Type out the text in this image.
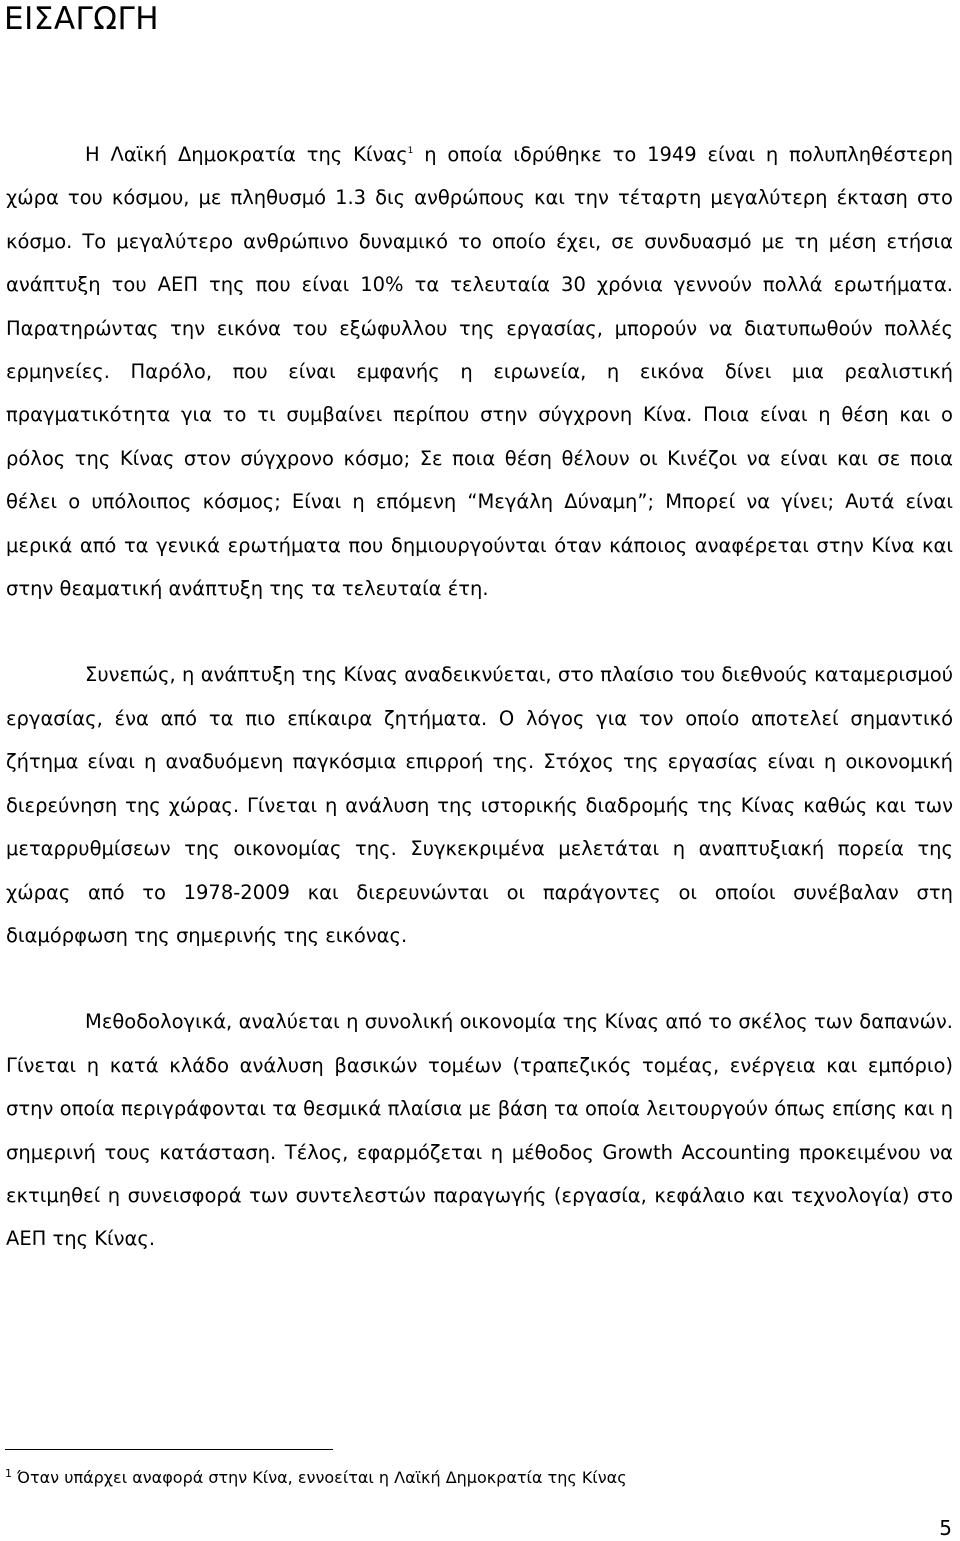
ΕΙΣΑΓΩΓΗ

Η Λαϊκή Δημοκρατία της Κίνας$^1$ η οποία ιδρύθηκε το 1949 είναι η πολυπληθέστερη χώρα του κόσμου, με πληθυσμό 1.3 δις ανθρώπους και την τέταρτη μεγαλύτερη έκταση στο κόσμο. Το μεγαλύτερο ανθρώπινο δυναμικό το οποίο έχει, σε συνδυασμό με τη μέση ετήσια ανάπτυξη του ΑΕΠ της που είναι 10% τα τελευταία 30 χρόνια γεννούν πολλά ερωτήματα. Παρατηρώντας την εικόνα του εξώφυλλου της εργασίας, μπορούν να διατυπωθούν πολλές ερμηνείες. Παρόλο, που είναι εμφανής η ειρωνεία, η εικόνα δίνει μια ρεαλιστική πραγματικότητα για το τι συμβαίνει περίπου στην σύγχρονη Κίνα. Ποια είναι η θέση και ο ρόλος της Κίνας στον σύγχρονο κόσμο; Σε ποια θέση θέλουν οι Κινέζοι να είναι και σε ποια θέλει ο υπόλοιπος κόσμος; Είναι η επόμενη “Μεγάλη Δύναμη”; Μπορεί να γίνει; Αυτά είναι μερικά από τα γενικά ερωτήματα που δημιουργούνται όταν κάποιος αναφέρεται στην Κίνα και στην θεαματική ανάπτυξη της τα τελευταία έτη.

Συνεπώς, η ανάπτυξη της Κίνας αναδεικνύεται, στο πλαίσιο του διεθνούς καταμερισμού εργασίας, ένα από τα πιο επίκαιρα ζητήματα. Ο λόγος για τον οποίο αποτελεί σημαντικό ζήτημα είναι η αναδυόμενη παγκόσμια επιρροή της. Στόχος της εργασίας είναι η οικονομική διερεύνηση της χώρας. Γίνεται η ανάλυση της ιστορικής διαδρομής της Κίνας καθώς και των μεταρρυθμίσεων της οικονομίας της. Συγκεκριμένα μελετάται η αναπτυξιακή πορεία της χώρας από το 1978-2009 και διερευνώνται οι παράγοντες οι οποίοι συνέβαλαν στη διαμόρφωση της σημερινής της εικόνας.

Μεθοδολογικά, αναλύεται η συνολική οικονομία της Κίνας από το σκέλος των δαπανών. Γίνεται η κατά κλάδο ανάλυση βασικών τομέων (τραπεζικός τομέας, ενέργεια και εμπόριο) στην οποία περιγράφονται τα θεσμικά πλαίσια με βάση τα οποία λειτουργούν όπως επίσης και η σημερινή τους κατάσταση. Τέλος, εφαρμόζεται η μέθοδος Growth Accounting προκειμένου να εκτιμηθεί η συνεισφορά των συντελεστών παραγωγής (εργασία, κεφάλαιο και τεχνολογία) στο ΑΕΠ της Κίνας.

$^1$ Όταν υπάρχει αναφορά στην Κίνα, εννοείται η Λαϊκή Δημοκρατία της Κίνας

5
